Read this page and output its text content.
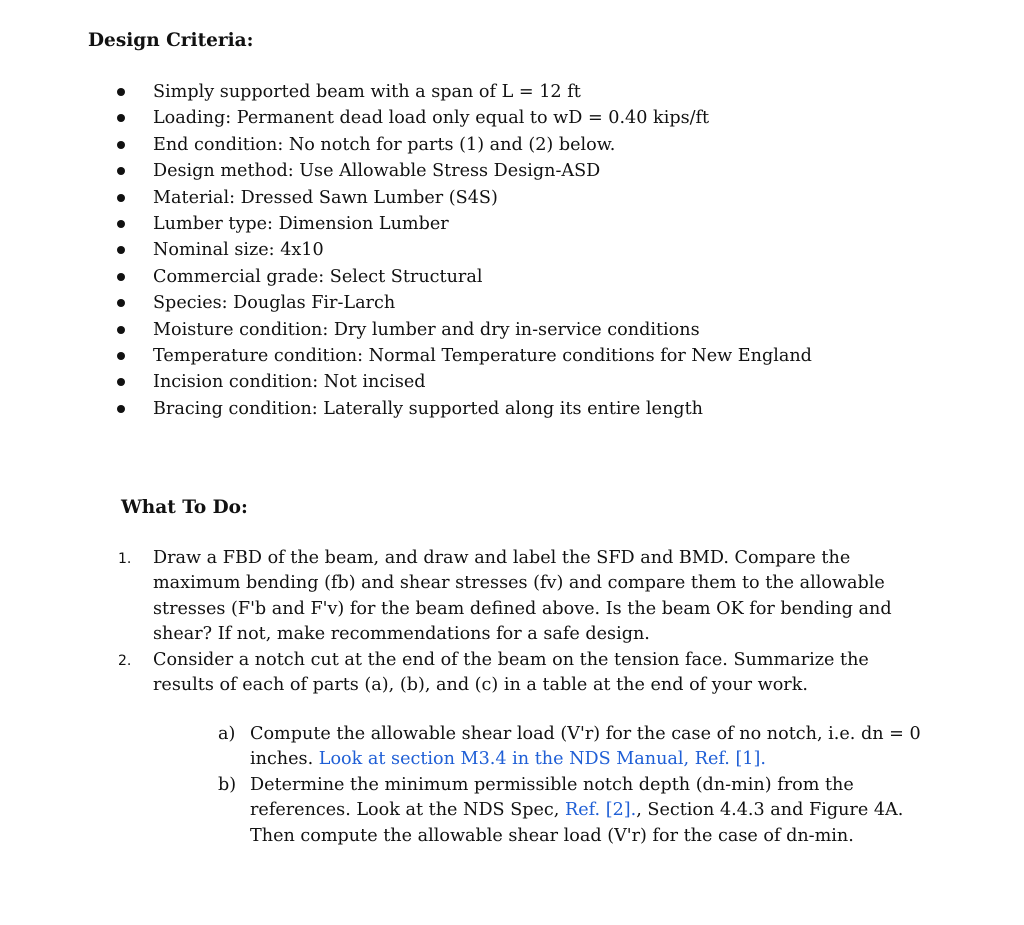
Design Criteria:
Simply supported beam with a span of L = 12 ft
Loading: Permanent dead load only equal to wD = 0.40 kips/ft
End condition: No notch for parts (1) and (2) below.
Design method: Use Allowable Stress Design-ASD
Material: Dressed Sawn Lumber (S4S)
Lumber type: Dimension Lumber
Nominal size: 4x10
Commercial grade: Select Structural
Species: Douglas Fir-Larch
Moisture condition: Dry lumber and dry in-service conditions
Temperature condition: Normal Temperature conditions for New England
Incision condition: Not incised
Bracing condition: Laterally supported along its entire length
What To Do:
1. Draw a FBD of the beam, and draw and label the SFD and BMD. Compare the maximum bending (fb) and shear stresses (fv) and compare them to the allowable stresses (F'b and F'v) for the beam defined above. Is the beam OK for bending and shear? If not, make recommendations for a safe design.
2. Consider a notch cut at the end of the beam on the tension face. Summarize the results of each of parts (a), (b), and (c) in a table at the end of your work.
a) Compute the allowable shear load (V'r) for the case of no notch, i.e. dn = 0 inches. Look at section M3.4 in the NDS Manual, Ref. [1].
b) Determine the minimum permissible notch depth (dn-min) from the references. Look at the NDS Spec, Ref. [2]., Section 4.4.3 and Figure 4A. Then compute the allowable shear load (V'r) for the case of dn-min.
